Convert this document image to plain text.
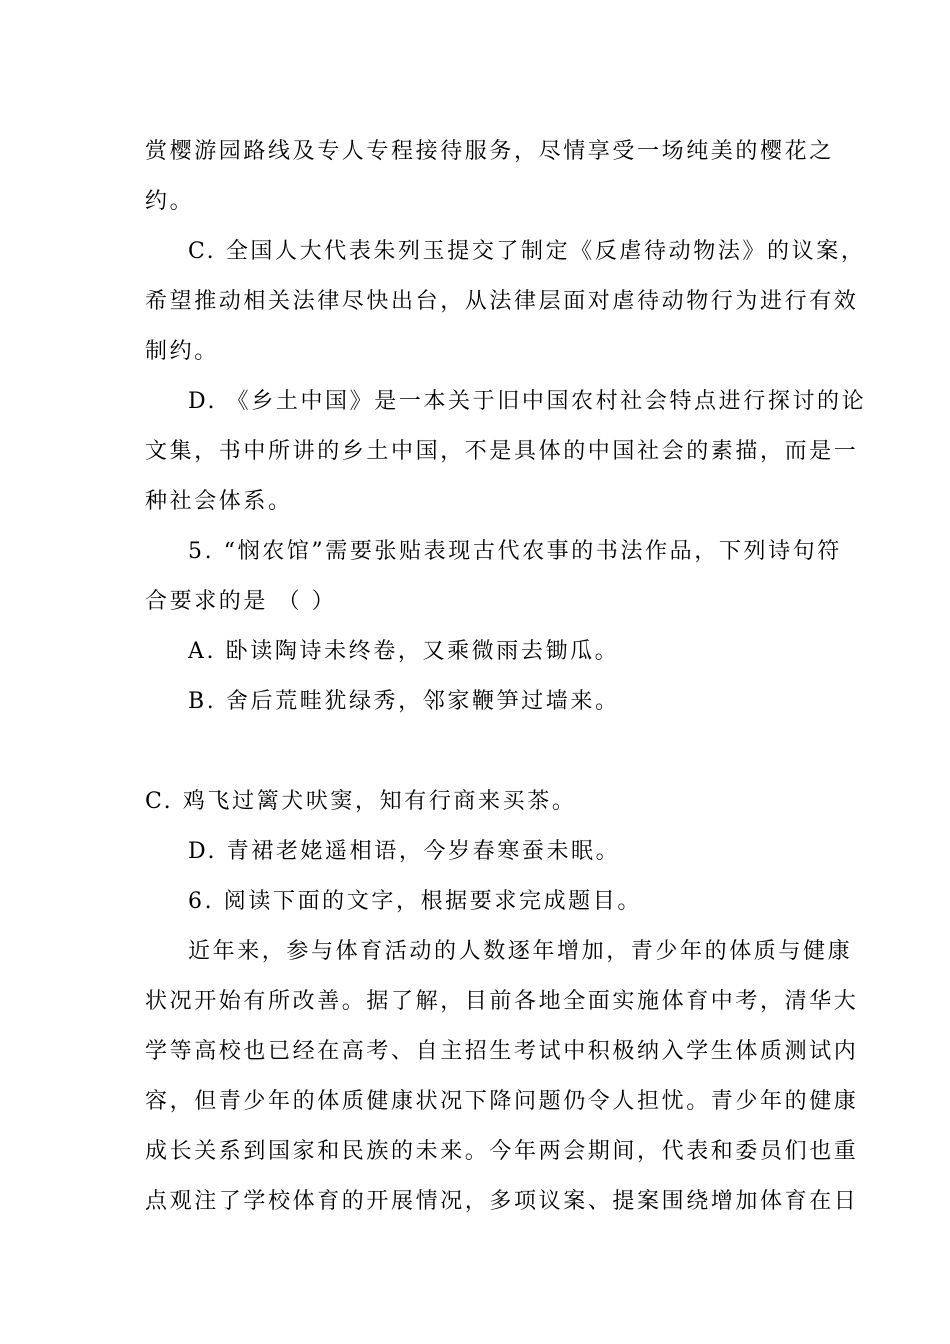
赏樱游园路线及专人专程接待服务，尽情享受一场纯美的樱花之
约。
C. 全国人大代表朱列玉提交了制定《反虐待动物法》的议案，
希望推动相关法律尽快出台，从法律层面对虐待动物行为进行有效
制约。
D. 《乡土中国》是一本关于旧中国农村社会特点进行探讨的论
文集，书中所讲的乡土中国，不是具体的中国社会的素描，而是一
种社会体系。
5. “悯农馆”需要张贴表现古代农事的书法作品，下列诗句符
合要求的是 （ ）
A. 卧读陶诗未终卷，又乘微雨去锄瓜。
B. 舍后荒畦犹绿秀，邻家鞭笋过墙来。
C. 鸡飞过篱犬吠窦，知有行商来买茶。
D. 青裙老姥遥相语，今岁春寒蚕未眠。
6. 阅读下面的文字，根据要求完成题目。
近年来，参与体育活动的人数逐年增加，青少年的体质与健康
状况开始有所改善。据了解，目前各地全面实施体育中考，清华大
学等高校也已经在高考、自主招生考试中积极纳入学生体质测试内
容，但青少年的体质健康状况下降问题仍令人担忧。青少年的健康
成长关系到国家和民族的未来。今年两会期间，代表和委员们也重
点观注了学校体育的开展情况，多项议案、提案围绕增加体育在日
